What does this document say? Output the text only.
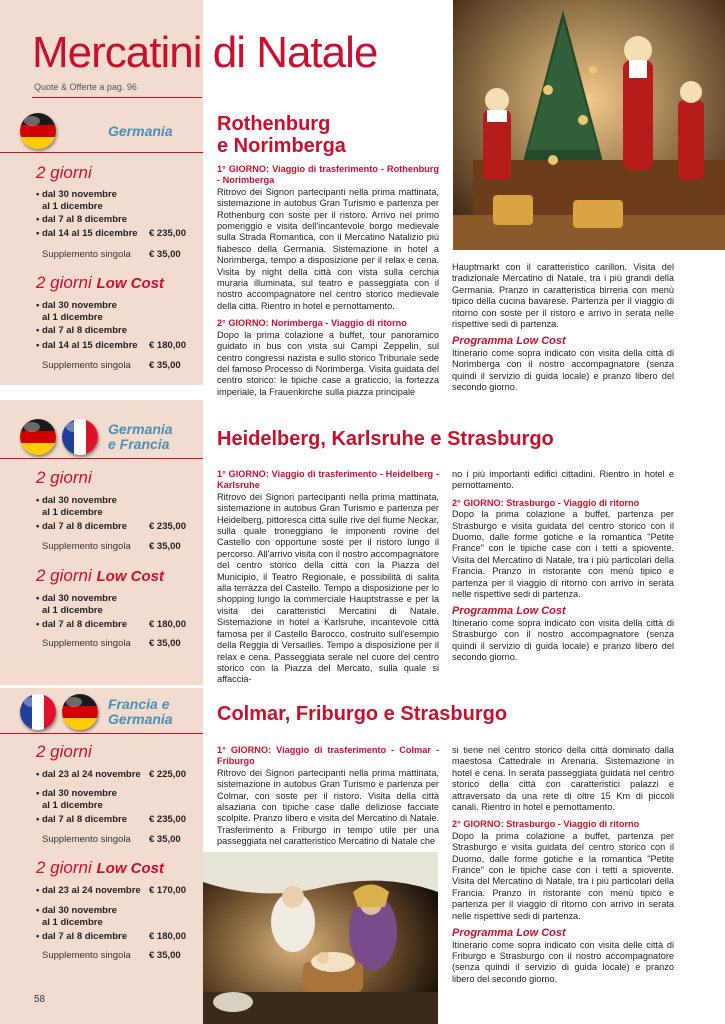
Mercatini di Natale
Quote & Offerte a pag. 96
Germania Rothenburg
e Norimberga
2 giorni
• dal 30 novembre
al 1 dicembre
• dal 7 al 8 dicembre
• dal 14 al 15 dicembre € 235,00
Supplemento singola € 35,00
2 giorni Low Cost
• dal 30 novembre
al 1 dicembre
• dal 7 al 8 dicembre
• dal 14 al 15 dicembre € 180,00
Supplemento singola € 35,00
1° GIORNO: Viaggio di trasferimento - Rothenburg - Norimberga

Ritrovo dei Signori partecipanti nella prima mattinata, sistemazione in autobus Gran Turismo e partenza per Rothenburg con soste per il ristoro. Arrivo nel primo pomeriggio e visita dell'incantevole borgo medievale sulla Strada Romantica, con il Mercatino Natalizio più fiabesco della Germania. Sistemazione in hotel a Norimberga, tempo a disposizione per il relax e cena. Visita by night della città con vista sulla cerchia muraria illuminata, sul teatro e passeggiata con il nostro accompagnatore nel centro storico medievale della città. Rientro in hotel e pernottamento.

2° GIORNO: Norimberga - Viaggio di ritorno

Dopo la prima colazione a buffet, tour panoramico guidato in bus con vista sui Campi Zeppelin, sul centro congressi nazista e sullo storico Tribunale sede del famoso Processo di Norimberga. Visita guidata del centro storico: le tipiche case a graticcio, la fortezza imperiale, la Frauenkirche sulla piazza principale

Hauptmarkt con il caratteristico carillon. Visita del tradizionale Mercatino di Natale, tra i più grandi della Germania. Pranzo in caratteristica birreria con menù tipico della cucina bavarese. Partenza per il viaggio di ritorno con soste per il ristoro e arrivo in serata nelle rispettive sedi di partenza.

Programma Low Cost

Itinerario come sopra indicato con visita della città di Norimberga con il nostro accompagnatore (senza quindi il servizio di guida locale) e pranzo libero del secondo giorno.

Germania
e Francia Heidelberg, Karlsruhe e Strasburgo
2 giorni
• dal 30 novembre
al 1 dicembre
• dal 7 al 8 dicembre € 235,00
Supplemento singola € 35,00
2 giorni Low Cost
• dal 30 novembre
al 1 dicembre
• dal 7 al 8 dicembre € 180,00
Supplemento singola € 35,00
1° GIORNO: Viaggio di trasferimento - Heidelberg - Karlsruhe

Ritrovo dei Signori partecipanti nella prima mattinata, sistemazione in autobus Gran Turismo e partenza per Heidelberg, pittoresca città sulle rive del fiume Neckar, sulla quale troneggiano le imponenti rovine del Castello con opportune soste per il ristoro lungo il percorso. All'arrivo visita con il nostro accompagnatore del centro storico della città con la Piazza del Municipio, il Teatro Regionale, e possibilità di salita alla terrazza del Castello. Tempo a disposizione per lo shopping lungo la commerciale Hauptstrasse e per la visita dei caratteristici Mercatini di Natale. Sistemazione in hotel a Karlsruhe, incantevole città famosa per il Castello Barocco, costruito sull'esempio della Reggia di Versailles. Tempo a disposizione per il relax e cena. Passeggiata serale nel cuore del centro storico con la Piazza del Mercato, sulla quale si affaccia-

no i più importanti edifici cittadini. Rientro in hotel e pernottamento.

2° GIORNO: Strasburgo - Viaggio di ritorno

Dopo la prima colazione a buffet, partenza per Strasburgo e visita guidata del centro storico con il Duomo, dalle forme gotiche e la romantica "Petite France" con le tipiche case con i tetti a spiovente. Visita del Mercatino di Natale, tra i più particolari della Francia. Pranzo in ristorante con menù tipico e partenza per il viaggio di ritorno con arrivo in serata nelle rispettive sedi di partenza.

Programma Low Cost

Itinerario come sopra indicato con visita della città di Strasburgo con il nostro accompagnatore (senza quindi il servizio di guida locale) e pranzo libero del secondo giorno.

Francia e
Germania Colmar, Friburgo e Strasburgo
2 giorni
• dal 23 al 24 novembre € 225,00
• dal 30 novembre
al 1 dicembre
• dal 7 al 8 dicembre € 235,00
Supplemento singola € 35,00
2 giorni Low Cost
• dal 23 al 24 novembre € 170,00
• dal 30 novembre
al 1 dicembre
• dal 7 al 8 dicembre € 180,00
Supplemento singola € 35,00
1° GIORNO: Viaggio di trasferimento - Colmar - Friburgo

Ritrovo dei Signori partecipanti nella prima mattinata, sistemazione in autobus Gran Turismo e partenza per Colmar, con soste per il ristoro. Visita della città alsaziana con tipiche case dalle deliziose facciate scolpite. Pranzo libero e visita del Mercatino di Natale. Trasferimento a Friburgo in tempo utile per una passeggiata nel caratteristico Mercatino di Natale che

si tiene nel centro storico della città dominato dalla maestosa Cattedrale in Arenaria. Sistemazione in hotel e cena. In serata passeggiata guidata nel centro storico della città con caratteristici palazzi e attraversato da una rete di oltre 15 Km di piccoli canali. Rientro in hotel e pernottamento.

2° GIORNO: Strasburgo - Viaggio di ritorno

Dopo la prima colazione a buffet, partenza per Strasburgo e visita guidata del centro storico con il Duomo, dalle forme gotiche e la romantica "Petite France" con le tipiche case con i tetti a spiovente. Visita del Mercatino di Natale, tra i più particolari della Francia. Pranzo in ristorante con menù tipico e partenza per il viaggio di ritorno con arrivo in serata nelle rispettive sedi di partenza.

Programma Low Cost

Itinerario come sopra indicato con visita delle città di Friburgo e Strasburgo con il nostro accompagnatore (senza quindi il servizio di guida locale) e pranzo libero del secondo giorno.

58
